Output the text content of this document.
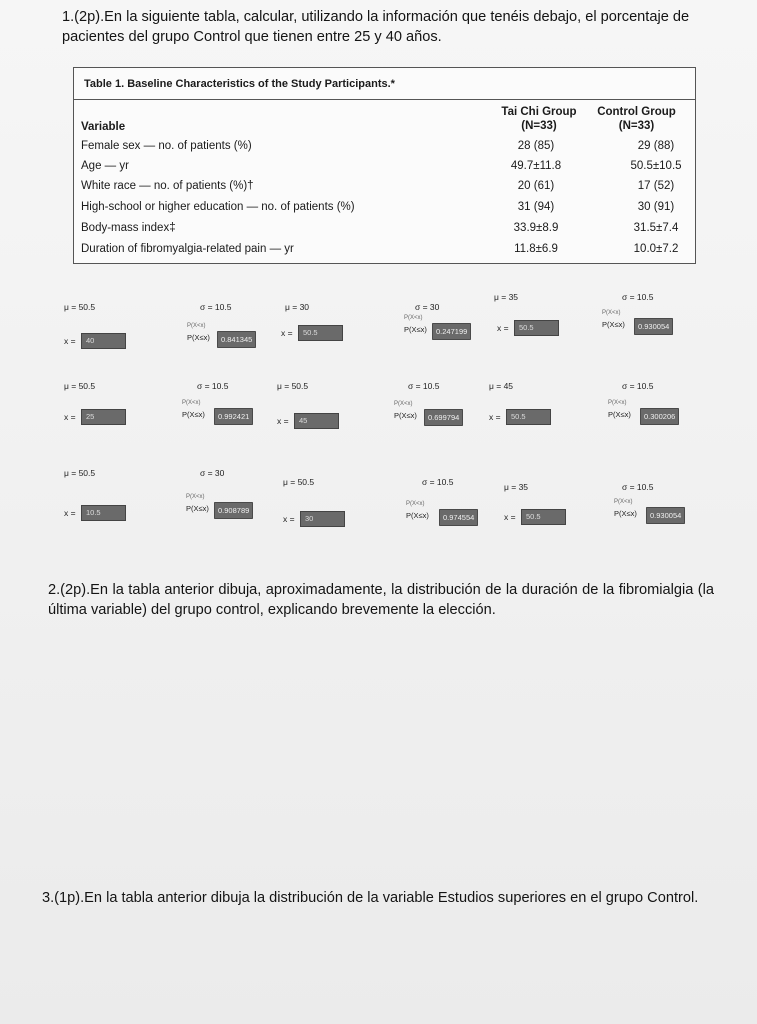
1.(2p).En la siguiente tabla, calcular, utilizando la información que tenéis debajo, el porcentaje de pacientes del grupo Control que tienen entre 25 y 40 años.
Table 1. Baseline Characteristics of the Study Participants.*
Variable
Tai Chi Group
(N=33)
Control Group
(N=33)
Female sex — no. of patients (%)	28 (85)	29 (88)
Age — yr	49.7±11.8	50.5±10.5
White race — no. of patients (%)†	20 (61)	17 (52)
High-school or higher education — no. of patients (%)	31 (94)	30 (91)
Body-mass index‡	33.9±8.9	31.5±7.4
Duration of fibromyalgia-related pain — yr	11.8±6.9	10.0±7.2
μ = 50.5	σ = 10.5
x =	40
P(X<x)
P(X≤x)	0.841345
μ = 30	σ = 30
x =	50.5
P(X<x)
P(X≤x)	0.247199
μ = 35	σ = 10.5
x =	50.5
P(X<x)
P(X≤x)	0.930054
μ = 50.5	σ = 10.5
x =	25
P(X<x)
P(X≤x)	0.992421
μ = 50.5	σ = 10.5
x =	45
P(X<x)
P(X≤x)	0.699794
μ = 45	σ = 10.5
x =	50.5
P(X<x)
P(X≤x)	0.300206
μ = 50.5	σ = 30
x =	10.5
P(X<x)
P(X≤x)	0.908789
μ = 50.5	σ = 10.5
x =	30
P(X<x)
P(X≤x)	0.974554
μ = 35	σ = 10.5
x =	50.5
P(X<x)
P(X≤x)	0.930054
2.(2p).En la tabla anterior dibuja, aproximadamente, la distribución de la duración de la fibromialgia (la última variable) del grupo control, explicando brevemente la elección.
3.(1p).En la tabla anterior dibuja la distribución de la variable Estudios superiores en el grupo Control.
